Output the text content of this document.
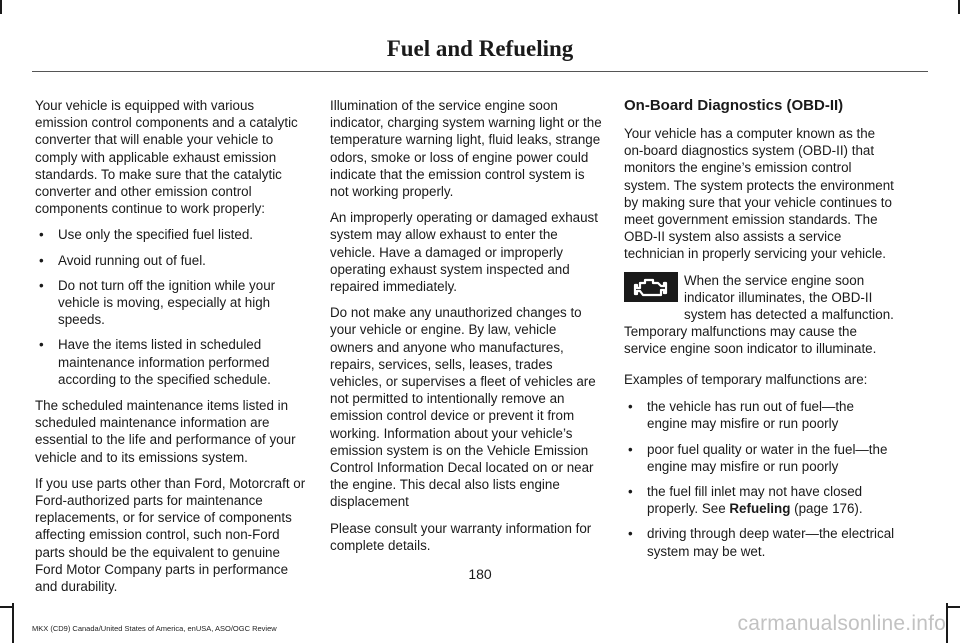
Fuel and Refueling

Your vehicle is equipped with various emission control components and a catalytic converter that will enable your vehicle to comply with applicable exhaust emission standards. To make sure that the catalytic converter and other emission control components continue to work properly:

• Use only the specified fuel listed.
• Avoid running out of fuel.
• Do not turn off the ignition while your vehicle is moving, especially at high speeds.
• Have the items listed in scheduled maintenance information performed according to the specified schedule.

The scheduled maintenance items listed in scheduled maintenance information are essential to the life and performance of your vehicle and to its emissions system.

If you use parts other than Ford, Motorcraft or Ford-authorized parts for maintenance replacements, or for service of components affecting emission control, such non-Ford parts should be the equivalent to genuine Ford Motor Company parts in performance and durability.

Illumination of the service engine soon indicator, charging system warning light or the temperature warning light, fluid leaks, strange odors, smoke or loss of engine power could indicate that the emission control system is not working properly.

An improperly operating or damaged exhaust system may allow exhaust to enter the vehicle. Have a damaged or improperly operating exhaust system inspected and repaired immediately.

Do not make any unauthorized changes to your vehicle or engine. By law, vehicle owners and anyone who manufactures, repairs, services, sells, leases, trades vehicles, or supervises a fleet of vehicles are not permitted to intentionally remove an emission control device or prevent it from working. Information about your vehicle’s emission system is on the Vehicle Emission Control Information Decal located on or near the engine. This decal also lists engine displacement

Please consult your warranty information for complete details.

On-Board Diagnostics (OBD-II)

Your vehicle has a computer known as the on-board diagnostics system (OBD-II) that monitors the engine’s emission control system. The system protects the environment by making sure that your vehicle continues to meet government emission standards. The OBD-II system also assists a service technician in properly servicing your vehicle.

When the service engine soon indicator illuminates, the OBD-II system has detected a malfunction.

Temporary malfunctions may cause the service engine soon indicator to illuminate.

Examples of temporary malfunctions are:

• the vehicle has run out of fuel—the engine may misfire or run poorly
• poor fuel quality or water in the fuel—the engine may misfire or run poorly
• the fuel fill inlet may not have closed properly. See Refueling (page 176).
• driving through deep water—the electrical system may be wet.
180
MKX (CD9) Canada/United States of America, enUSA, ASO/OGC Review	carmanualsonline.info
